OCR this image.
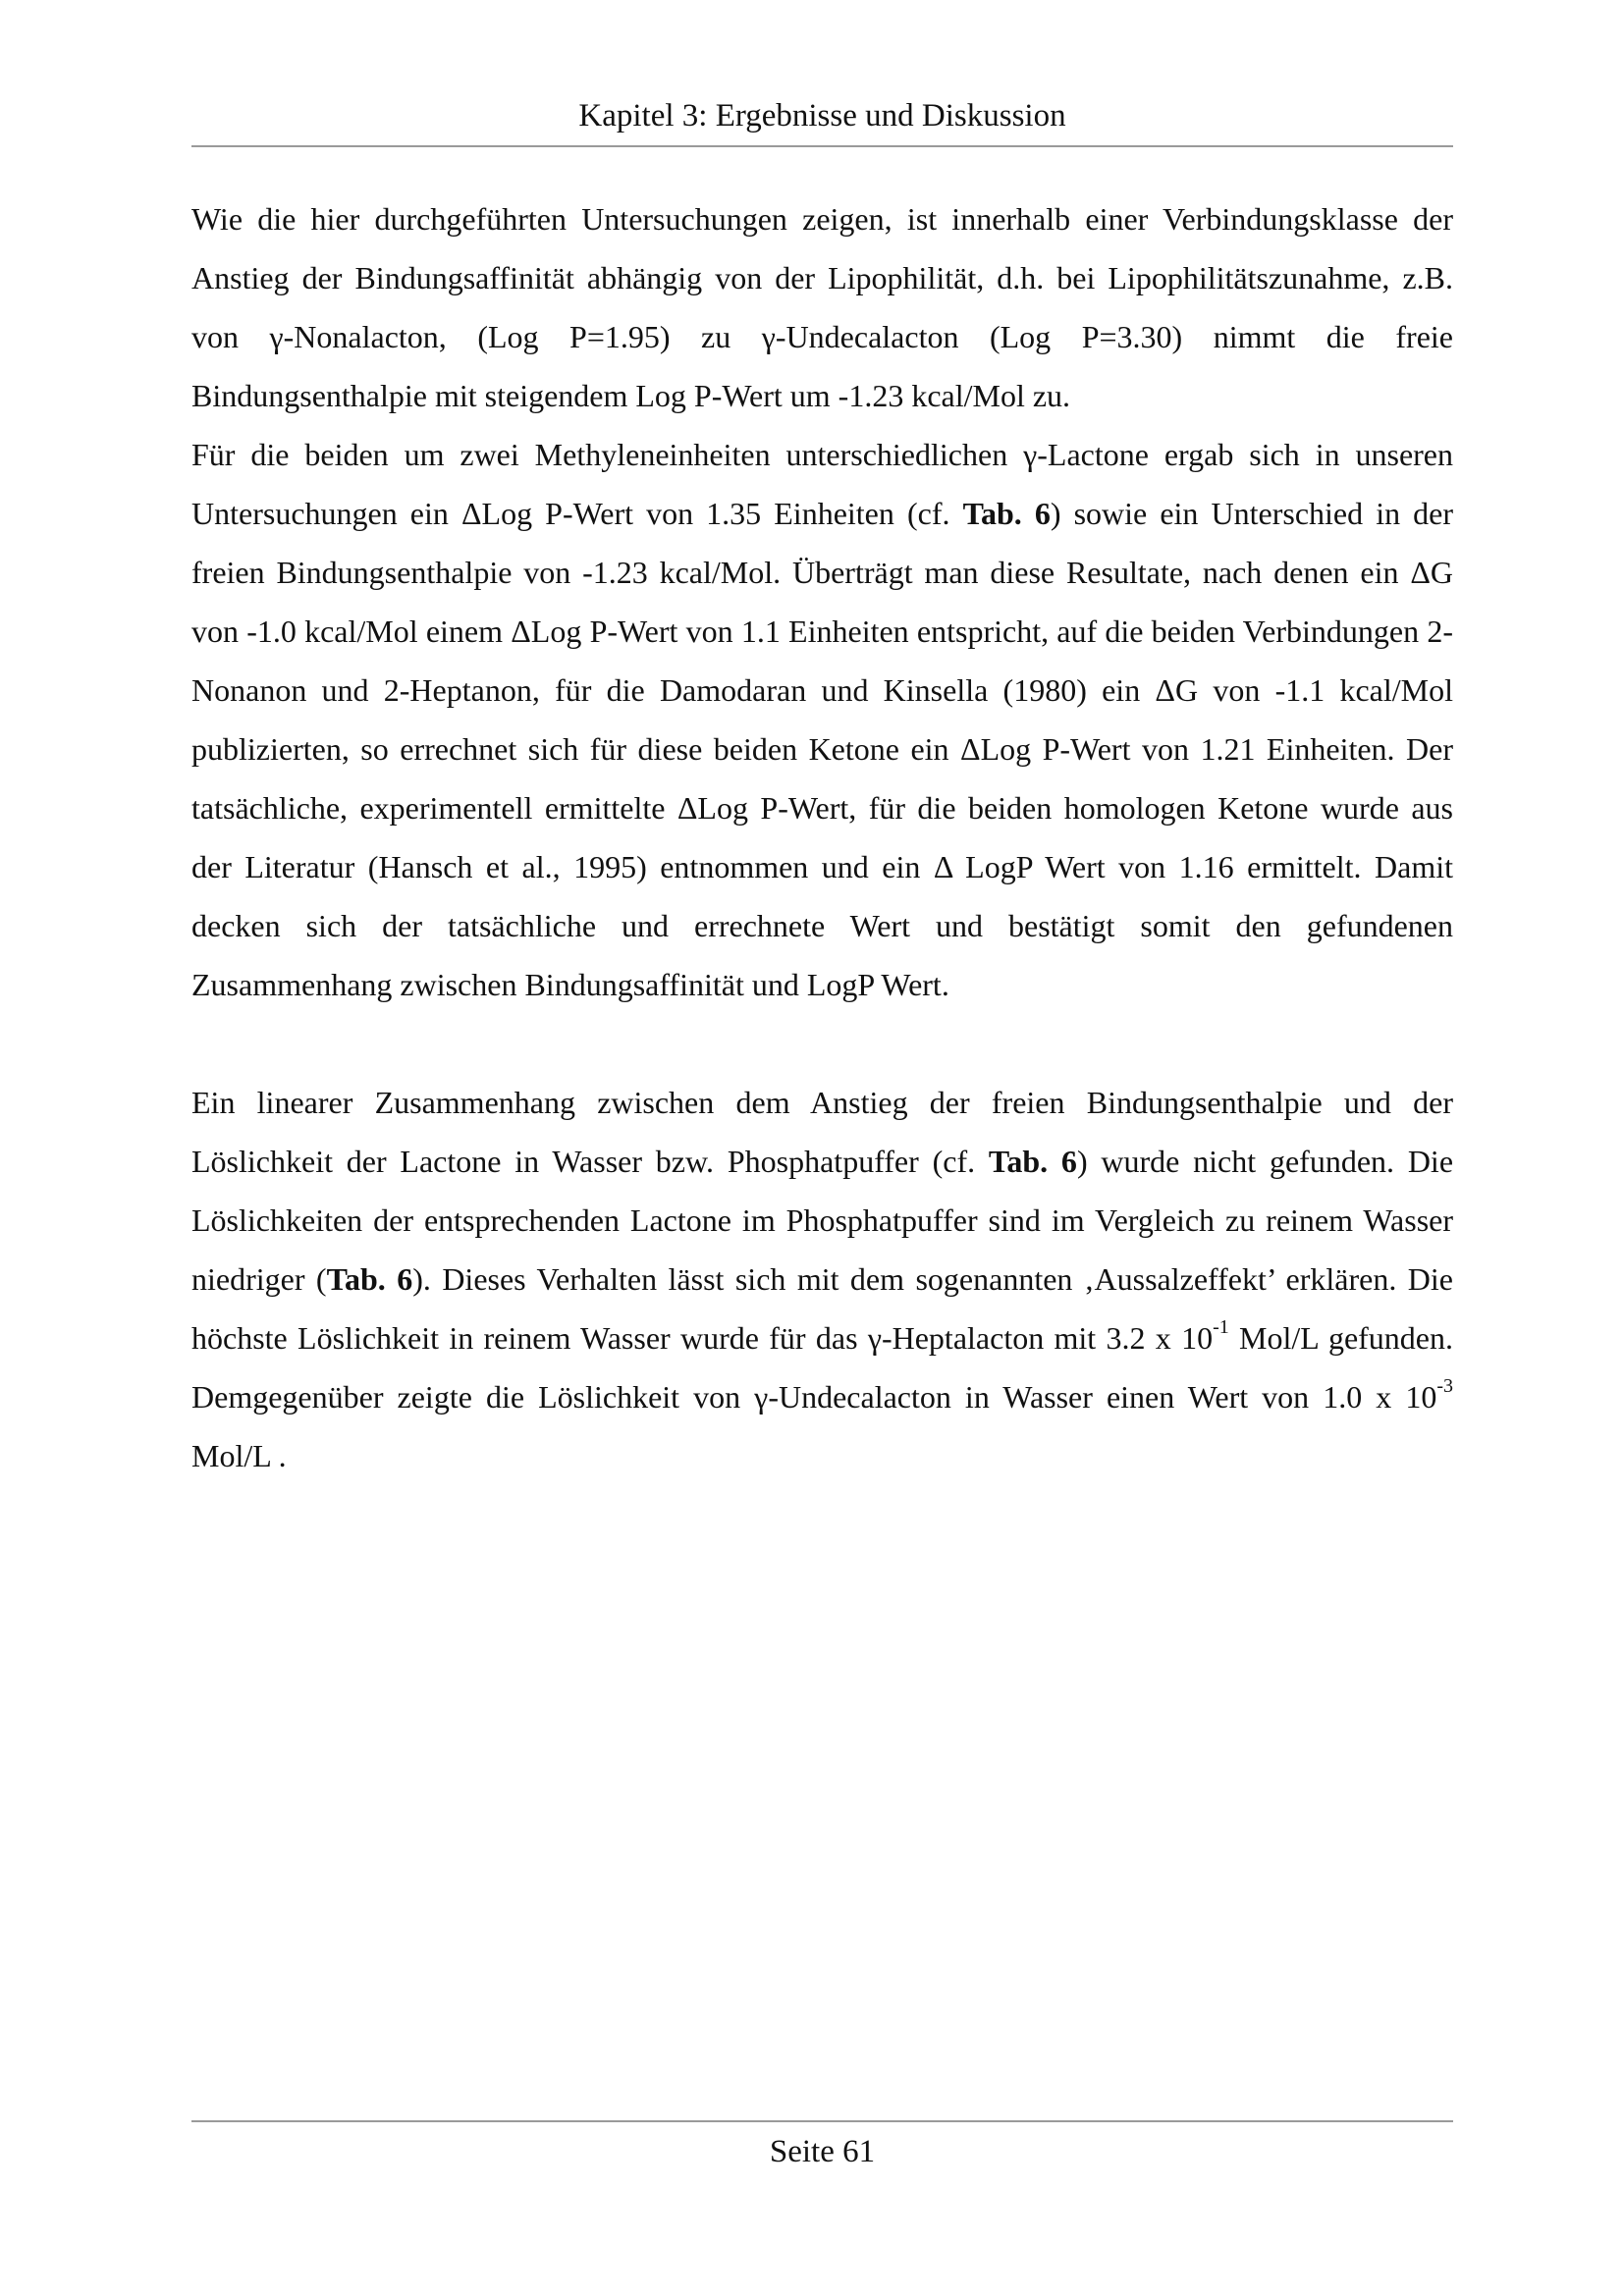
Kapitel 3: Ergebnisse und Diskussion

Wie die hier durchgeführten Untersuchungen zeigen, ist innerhalb einer Verbindungsklasse der Anstieg der Bindungsaffinität abhängig von der Lipophilität, d.h. bei Lipophilitätszunahme, z.B. von γ-Nonalacton, (Log P=1.95) zu γ-Undecalacton (Log P=3.30) nimmt die freie Bindungsenthalpie mit steigendem Log P-Wert um -1.23 kcal/Mol zu.

Für die beiden um zwei Methyleneinheiten unterschiedlichen γ-Lactone ergab sich in unseren Untersuchungen ein ΔLog P-Wert von 1.35 Einheiten (cf. Tab. 6) sowie ein Unterschied in der freien Bindungsenthalpie von -1.23 kcal/Mol. Überträgt man diese Resultate, nach denen ein ΔG von -1.0 kcal/Mol einem ΔLog P-Wert von 1.1 Einheiten entspricht, auf die beiden Verbindungen 2-Nonanon und 2-Heptanon, für die Damodaran und Kinsella (1980) ein ΔG von -1.1 kcal/Mol publizierten, so errechnet sich für diese beiden Ketone ein ΔLog P-Wert von 1.21 Einheiten. Der tatsächliche, experimentell ermittelte ΔLog P-Wert, für die beiden homologen Ketone wurde aus der Literatur (Hansch et al., 1995) entnommen und ein Δ LogP Wert von 1.16 ermittelt. Damit decken sich der tatsächliche und errechnete Wert und bestätigt somit den gefundenen Zusammenhang zwischen Bindungsaffinität und LogP Wert.

Ein linearer Zusammenhang zwischen dem Anstieg der freien Bindungsenthalpie und der Löslichkeit der Lactone in Wasser bzw. Phosphatpuffer (cf. Tab. 6) wurde nicht gefunden. Die Löslichkeiten der entsprechenden Lactone im Phosphatpuffer sind im Vergleich zu reinem Wasser niedriger (Tab. 6). Dieses Verhalten lässt sich mit dem sogenannten ‚Aussalzeffekt’ erklären. Die höchste Löslichkeit in reinem Wasser wurde für das γ-Heptalacton mit 3.2 x $10^{-1}$ Mol/L gefunden. Demgegenüber zeigte die Löslichkeit von γ-Undecalacton in Wasser einen Wert von 1.0 x $10^{-3}$ Mol/L .

Seite 61
